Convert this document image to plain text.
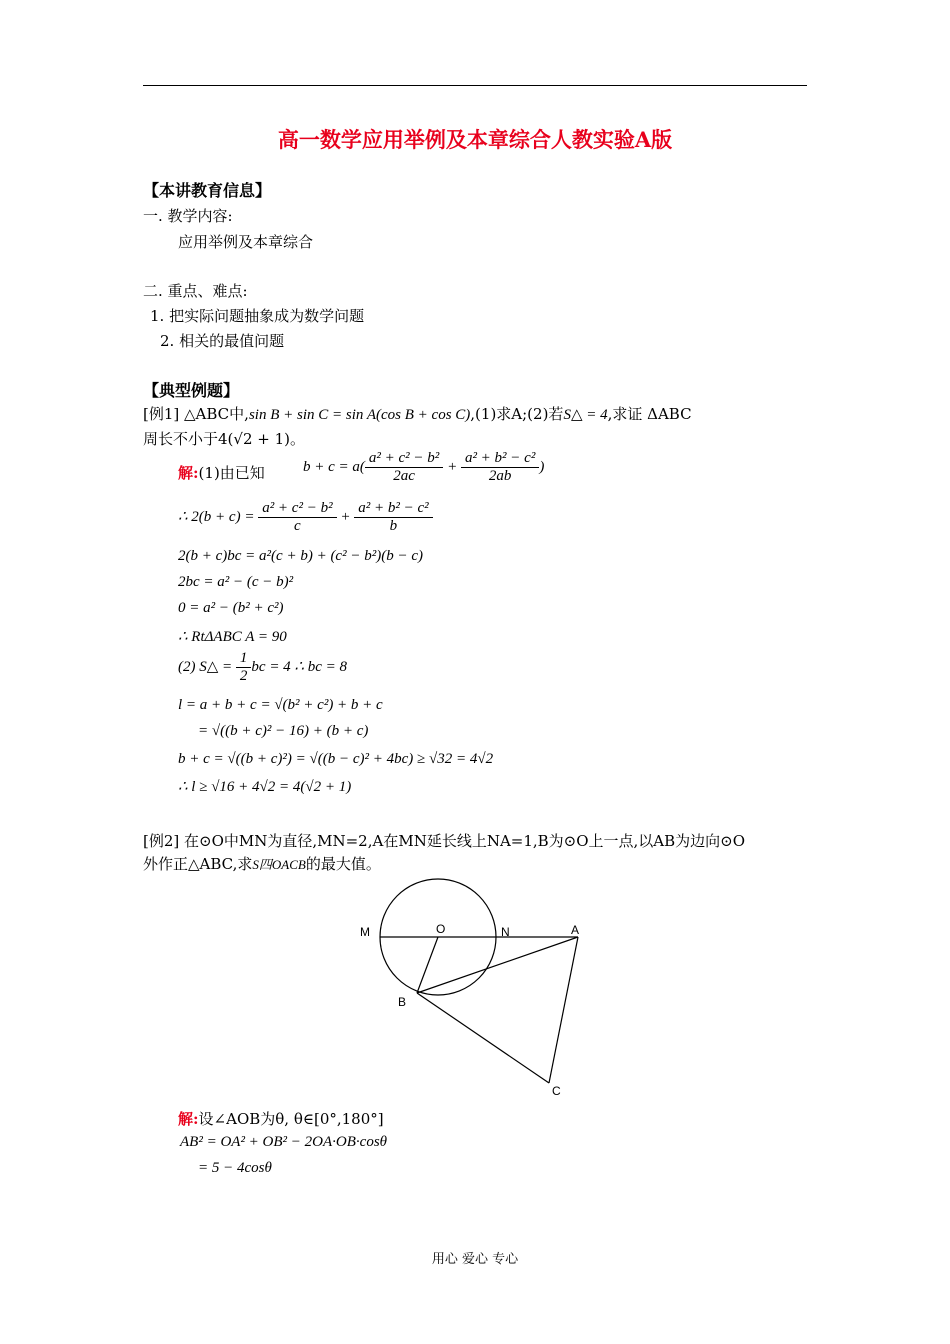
高一数学应用举例及本章综合人教实验A版
【本讲教育信息】
一. 教学内容:
应用举例及本章综合
二. 重点、难点:
1. 把实际问题抽象成为数学问题
2. 相关的最值问题
【典型例题】
[例1] △ABC中,sin B + sin C = sin A(cos B + cos C),(1)求A;(2)若S△ = 4,求证 ΔABC
周长不小于4(√2 + 1)。
解:(1)由已知	$b + c = a( \frac{\text{a² + c² − b²}}{2ac} + \frac{\text{a² + b² − c²}}{2ab}$ )
∴ $2(b + c) = \frac{\text{a² + c² − b²}}{c} + \frac{\text{a² + b² − c²}}{b}$
2(b + c)bc = a²(c + b) + (c² − b²)(b − c)
2bc = a² − (c − b)²
0 = a² − (b² + c²)
∴ RtΔABC A = 90
(2) S△ = $\frac{1}{2}$ bc = 4 ∴ bc = 8
l = a + b + c = √(b² + c²) + b + c
= √((b + c)² − 16) + (b + c)
b + c = √((b + c)²) = √((b − c)² + 4bc) ≥ √32 = 4√2
∴ l ≥ √16 + 4√2 = 4(√2 + 1)
[例2] 在⊙O中MN为直径,MN=2,A在MN延长线上NA=1,B为⊙O上一点,以AB为边向⊙O
外作正△ABC,求S四OACB的最大值。
M	O	N	A
B
C
解:设∠AOB为θ, θ∈[0°,180°]
AB² = OA² + OB² − 2OA·OB·cosθ
= 5 − 4cosθ
用心 爱心 专心
